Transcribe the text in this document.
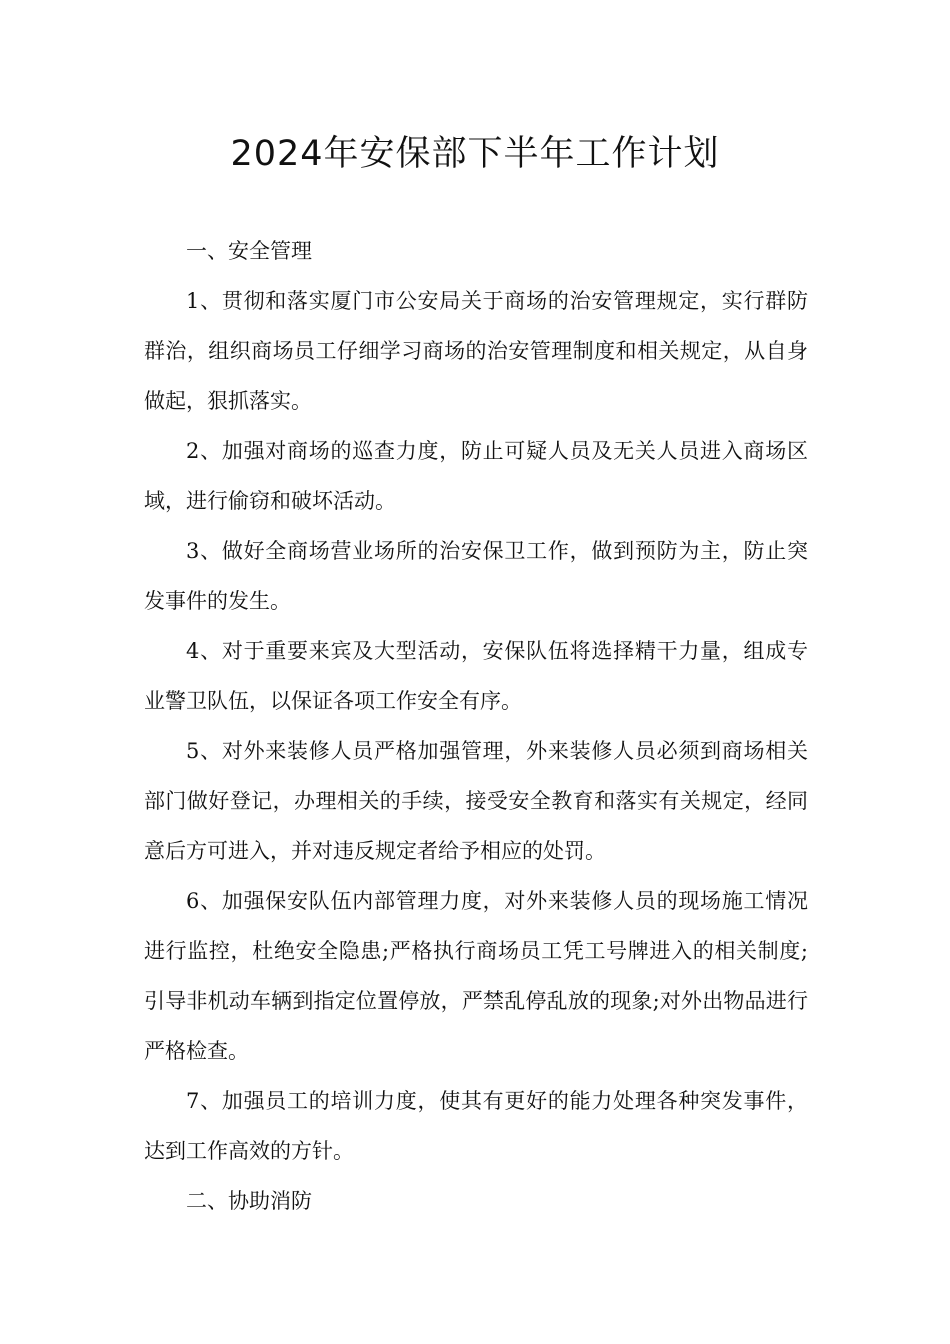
2024年安保部下半年工作计划

一、安全管理

1、贯彻和落实厦门市公安局关于商场的治安管理规定，实行群防群治，组织商场员工仔细学习商场的治安管理制度和相关规定，从自身做起，狠抓落实。

2、加强对商场的巡查力度，防止可疑人员及无关人员进入商场区域，进行偷窃和破坏活动。

3、做好全商场营业场所的治安保卫工作，做到预防为主，防止突发事件的发生。

4、对于重要来宾及大型活动，安保队伍将选择精干力量，组成专业警卫队伍，以保证各项工作安全有序。

5、对外来装修人员严格加强管理，外来装修人员必须到商场相关部门做好登记，办理相关的手续，接受安全教育和落实有关规定，经同意后方可进入，并对违反规定者给予相应的处罚。

6、加强保安队伍内部管理力度，对外来装修人员的现场施工情况进行监控，杜绝安全隐患;严格执行商场员工凭工号牌进入的相关制度;引导非机动车辆到指定位置停放，严禁乱停乱放的现象;对外出物品进行严格检查。

7、加强员工的培训力度，使其有更好的能力处理各种突发事件，达到工作高效的方针。

二、协助消防
